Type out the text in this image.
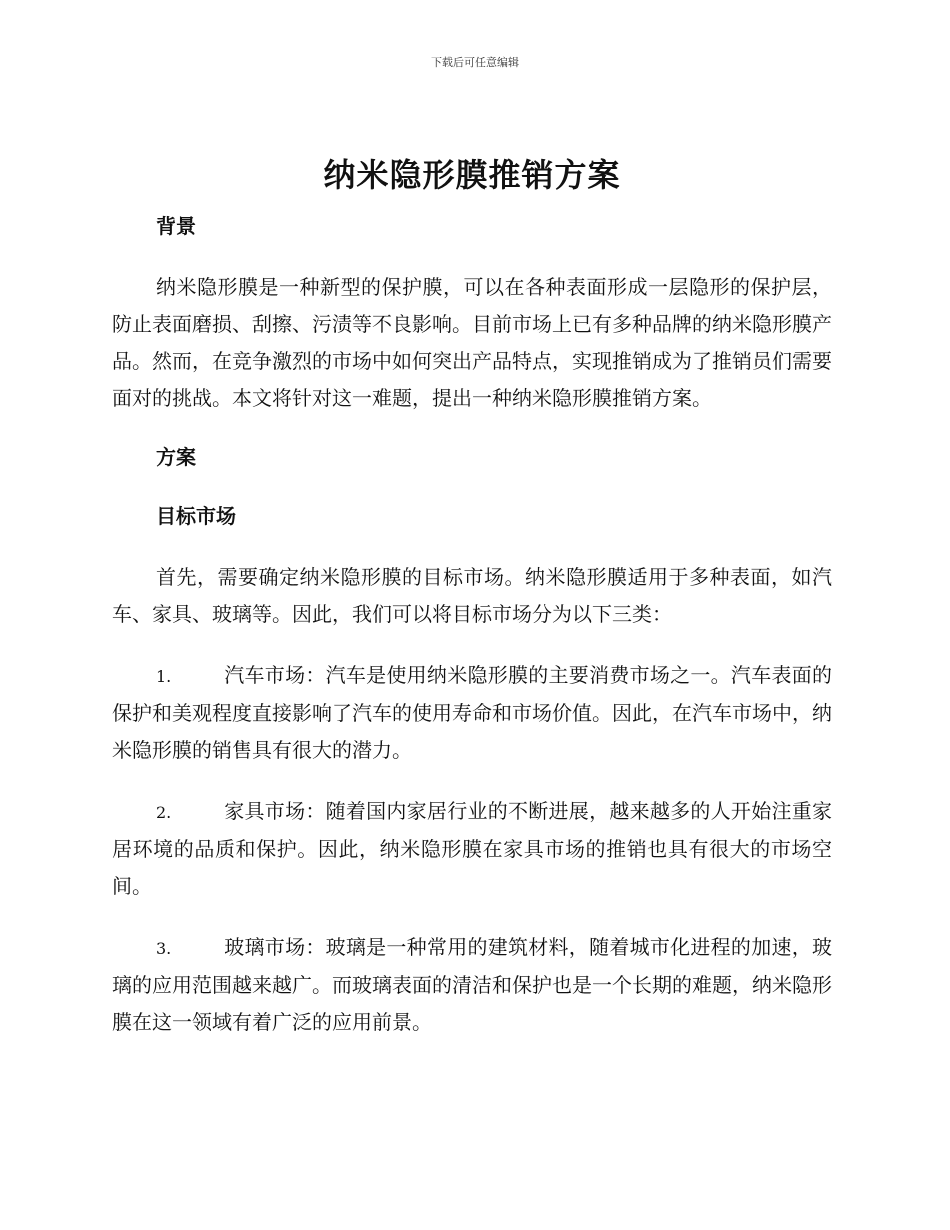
下载后可任意编辑
纳米隐形膜推销方案
背景

纳米隐形膜是一种新型的保护膜，可以在各种表面形成一层隐形的保护层，防止表面磨损、刮擦、污渍等不良影响。目前市场上已有多种品牌的纳米隐形膜产品。然而，在竞争激烈的市场中如何突出产品特点，实现推销成为了推销员们需要面对的挑战。本文将针对这一难题，提出一种纳米隐形膜推销方案。

方案
目标市场

首先，需要确定纳米隐形膜的目标市场。纳米隐形膜适用于多种表面，如汽车、家具、玻璃等。因此，我们可以将目标市场分为以下三类：

1.	汽车市场：汽车是使用纳米隐形膜的主要消费市场之一。汽车表面的保护和美观程度直接影响了汽车的使用寿命和市场价值。因此，在汽车市场中，纳米隐形膜的销售具有很大的潜力。

2.	家具市场：随着国内家居行业的不断进展，越来越多的人开始注重家居环境的品质和保护。因此，纳米隐形膜在家具市场的推销也具有很大的市场空间。

3.	玻璃市场：玻璃是一种常用的建筑材料，随着城市化进程的加速，玻璃的应用范围越来越广。而玻璃表面的清洁和保护也是一个长期的难题，纳米隐形膜在这一领域有着广泛的应用前景。
